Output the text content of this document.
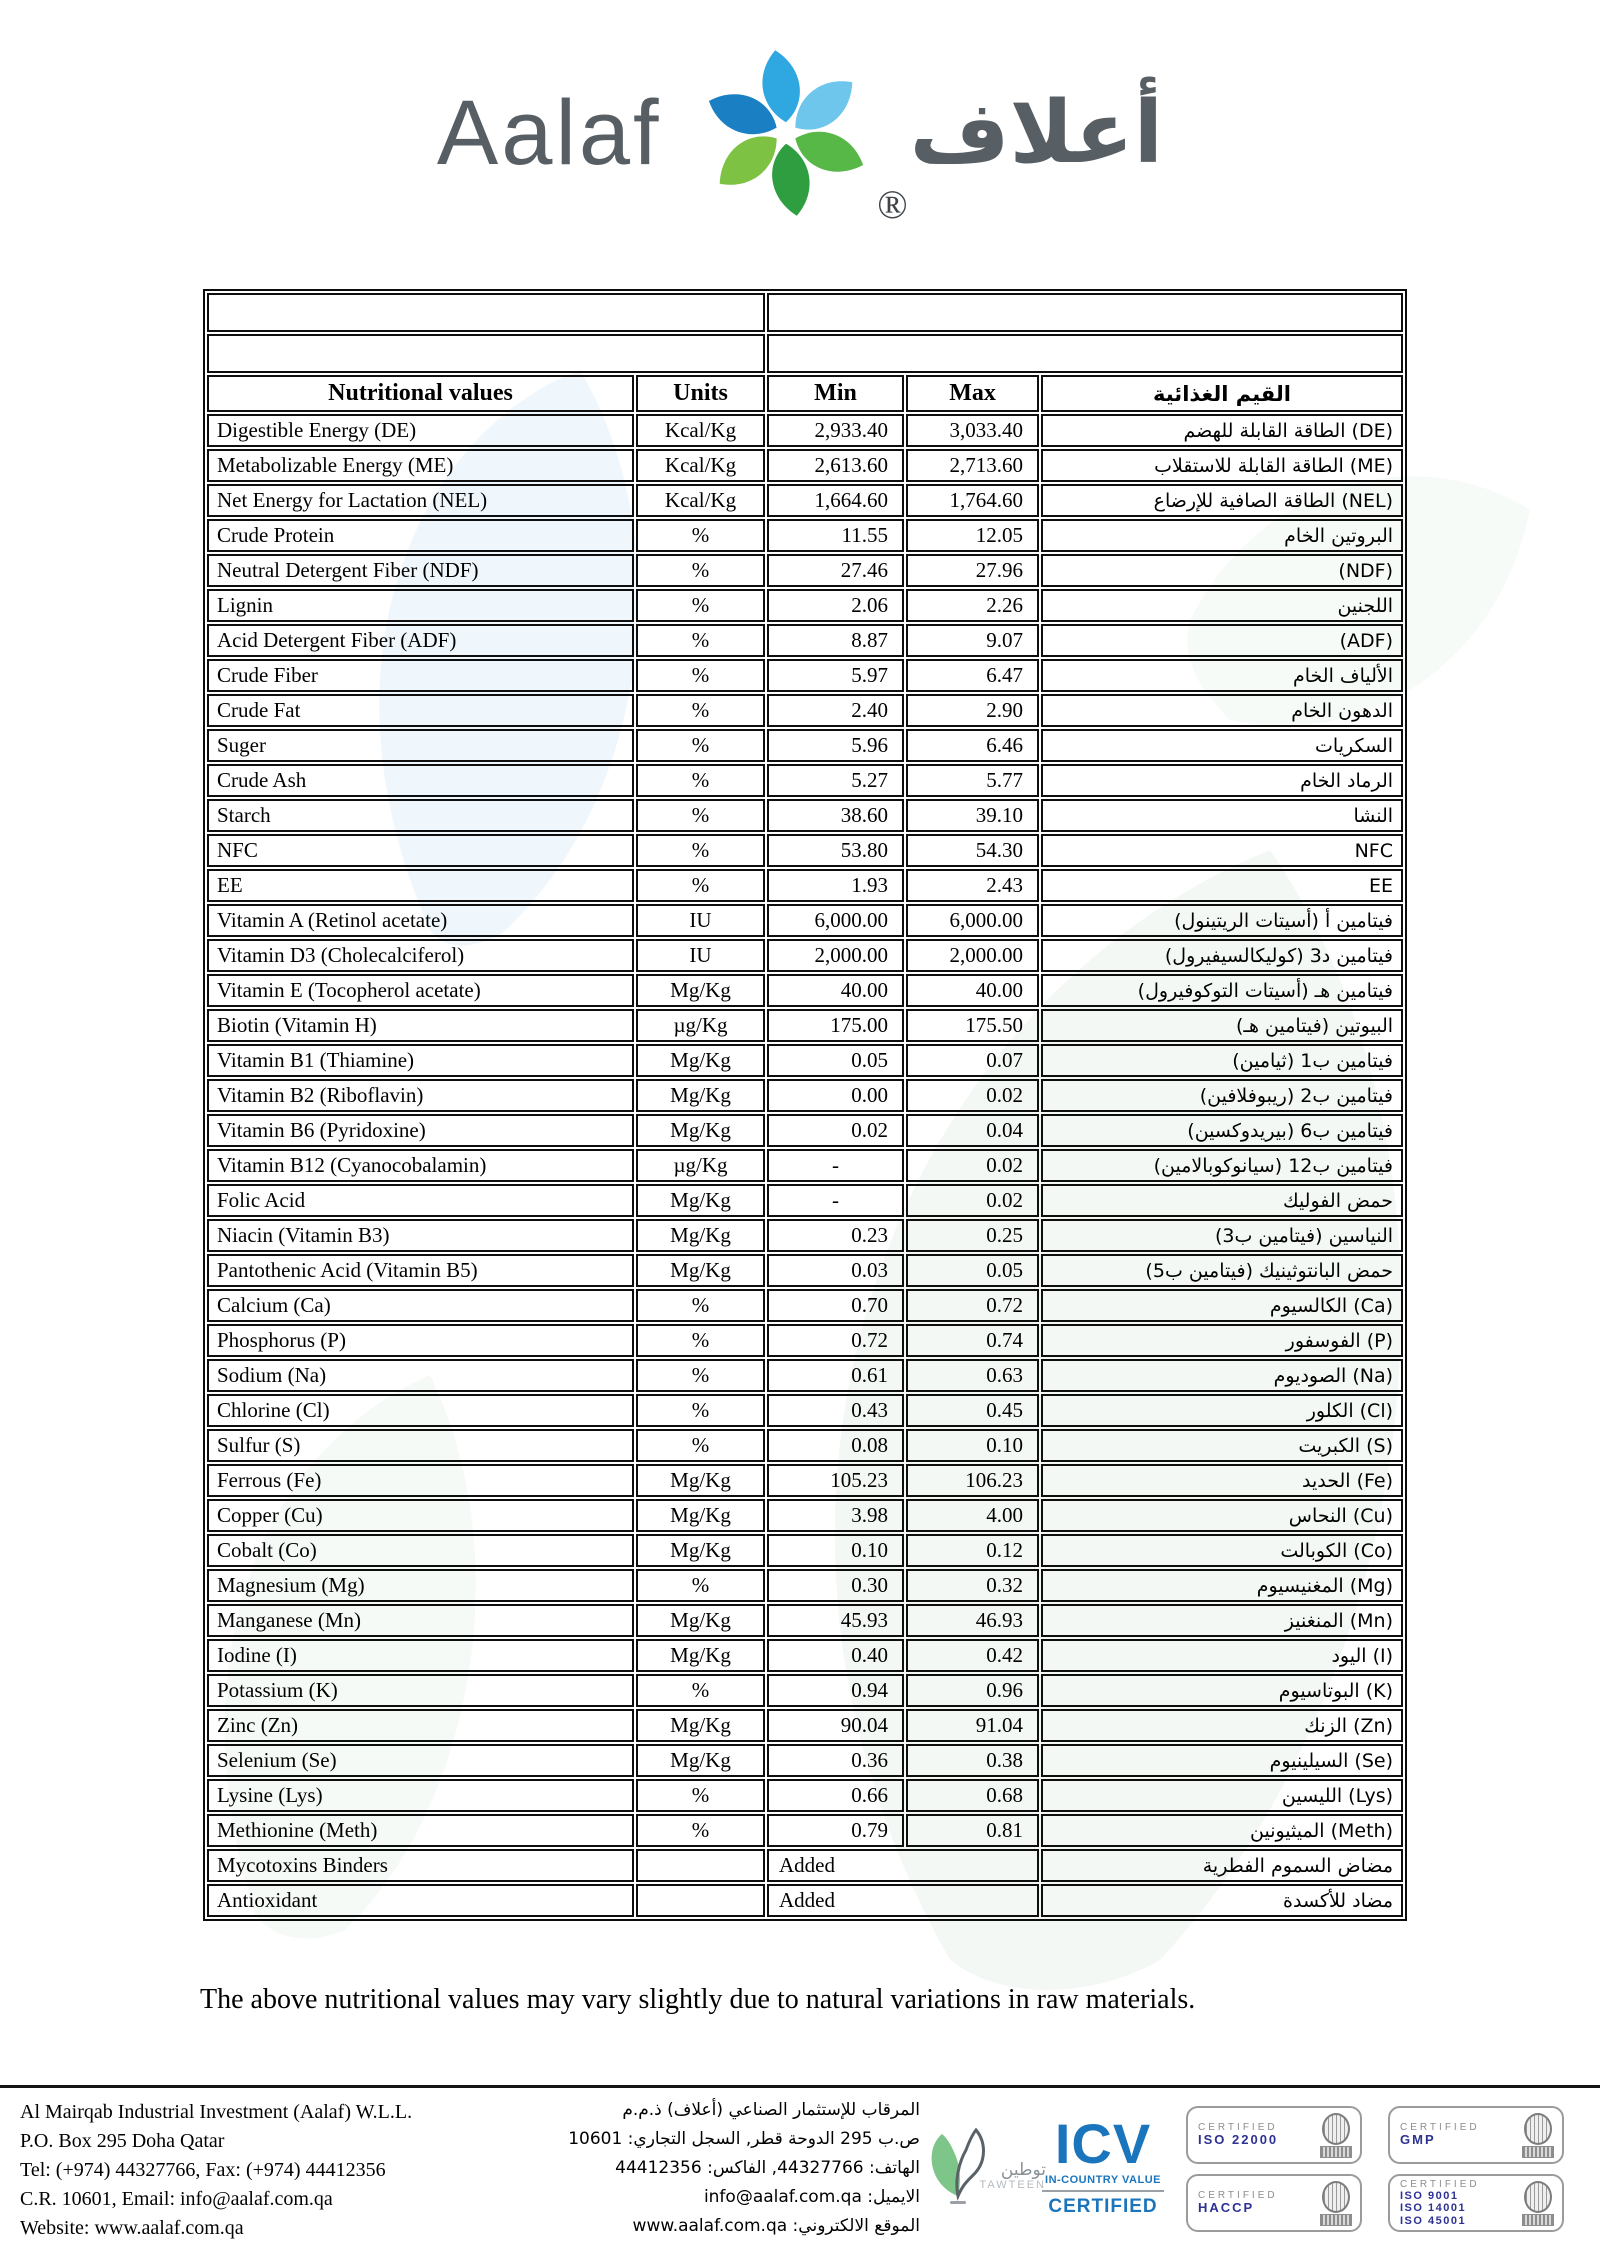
Aalaf
®
أعلاف
Feed Name:		DEER FEED 12%		
Feed Size:		6 mm		
Nutritional values	Units	Min	Max	القيم الغذائية
Digestible Energy (DE)	Kcal/Kg	2,933.40	3,033.40	(DE) الطاقة القابلة للهضم
Metabolizable Energy (ME)	Kcal/Kg	2,613.60	2,713.60	(ME) الطاقة القابلة للاستقلاب
Net Energy for Lactation (NEL)	Kcal/Kg	1,664.60	1,764.60	(NEL) الطاقة الصافية للإرضاع
Crude Protein	%	11.55	12.05	البروتين الخام
Neutral Detergent Fiber (NDF)	%	27.46	27.96	(NDF)
Lignin	%	2.06	2.26	اللجنين
Acid Detergent Fiber (ADF)	%	8.87	9.07	(ADF)
Crude Fiber	%	5.97	6.47	الألياف الخام
Crude Fat	%	2.40	2.90	الدهون الخام
Suger	%	5.96	6.46	السكريات
Crude Ash	%	5.27	5.77	الرماد الخام
Starch	%	38.60	39.10	النشا
NFC	%	53.80	54.30	NFC
EE	%	1.93	2.43	EE
Vitamin A (Retinol acetate)	IU	6,000.00	6,000.00	فيتامين أ (أسيتات الريتينول)
Vitamin D3 (Cholecalciferol)	IU	2,000.00	2,000.00	فيتامين د3 (كوليكالسيفيرول)
Vitamin E (Tocopherol acetate)	Mg/Kg	40.00	40.00	فيتامين هـ (أسيتات التوكوفيرول)
Biotin (Vitamin H)	µg/Kg	175.00	175.50	البيوتين (فيتامين هـ)
Vitamin B1 (Thiamine)	Mg/Kg	0.05	0.07	فيتامين ب1 (ثيامين)
Vitamin B2 (Riboflavin)	Mg/Kg	0.00	0.02	فيتامين ب2 (ريبوفلافين)
Vitamin B6 (Pyridoxine)	Mg/Kg	0.02	0.04	فيتامين ب6 (بيريدوكسين)
Vitamin B12 (Cyanocobalamin)	µg/Kg	-	0.02	فيتامين ب12 (سيانوكوبالامين)
Folic Acid	Mg/Kg	-	0.02	حمض الفوليك
Niacin (Vitamin B3)	Mg/Kg	0.23	0.25	النياسين (فيتامين ب3)
Pantothenic Acid (Vitamin B5)	Mg/Kg	0.03	0.05	حمض البانتوثينيك (فيتامين ب5)
Calcium (Ca)	%	0.70	0.72	(Ca) الكالسيوم
Phosphorus (P)	%	0.72	0.74	(P) الفوسفور
Sodium (Na)	%	0.61	0.63	(Na) الصوديوم
Chlorine (Cl)	%	0.43	0.45	(Cl) الكلور
Sulfur (S)	%	0.08	0.10	(S) الكبريت
Ferrous (Fe)	Mg/Kg	105.23	106.23	(Fe) الحديد
Copper (Cu)	Mg/Kg	3.98	4.00	(Cu) النحاس
Cobalt (Co)	Mg/Kg	0.10	0.12	(Co) الكوبالت
Magnesium (Mg)	%	0.30	0.32	(Mg) المغنيسيوم
Manganese (Mn)	Mg/Kg	45.93	46.93	(Mn) المنغنيز
Iodine (I)	Mg/Kg	0.40	0.42	(I) اليود
Potassium (K)	%	0.94	0.96	(K) البوتاسيوم
Zinc (Zn)	Mg/Kg	90.04	91.04	(Zn) الزنك
Selenium (Se)	Mg/Kg	0.36	0.38	(Se) السيلينيوم
Lysine (Lys)	%	0.66	0.68	(Lys) الليسين
Methionine (Meth)	%	0.79	0.81	(Meth) الميثيونين
Mycotoxins Binders		Added		مضاض السموم الفطرية
Antioxidant		Added		مضاد للأكسدة
The above nutritional values may vary slightly due to natural variations in raw materials.
Al Mairqab Industrial Investment (Aalaf) W.L.L.
P.O. Box 295 Doha Qatar
Tel: (+974) 44327766, Fax: (+974) 44412356
C.R. 10601, Email: info@aalaf.com.qa
Website: www.aalaf.com.qa
المرقاب للإستثمار الصناعي (أعلاف) ذ.م.م
ص.ب 295 الدوحة قطر, السجل التجاري: 10601
الهاتف: 44327766, الفاكس: 44412356
الايميل: info@aalaf.com.qa
الموقع الالكتروني: www.aalaf.com.qa
توطين
TAWTEEN
ICV
IN-COUNTRY VALUE
CERTIFIED
CERTIFIED
ISO 22000
CERTIFIED
GMP
CERTIFIED
HACCP
CERTIFIED
ISO 9001
ISO 14001
ISO 45001
